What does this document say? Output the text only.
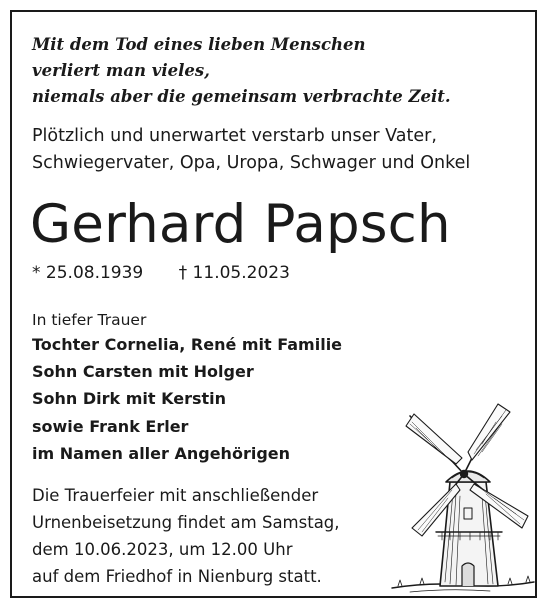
Mit dem Tod eines lieben Menschen
verliert man vieles,
niemals aber die gemeinsam verbrachte Zeit.
Plötzlich und unerwartet verstarb unser Vater,
Schwiegervater, Opa, Uropa, Schwager und Onkel
Gerhard Papsch
* 25.08.1939 † 11.05.2023
In tiefer Trauer
Tochter Cornelia, René mit Familie
Sohn Carsten mit Holger
Sohn Dirk mit Kerstin
sowie Frank Erler
im Namen aller Angehörigen
Die Trauerfeier mit anschließender
Urnenbeisetzung findet am Samstag,
dem 10.06.2023, um 12.00 Uhr
auf dem Friedhof in Nienburg statt.
